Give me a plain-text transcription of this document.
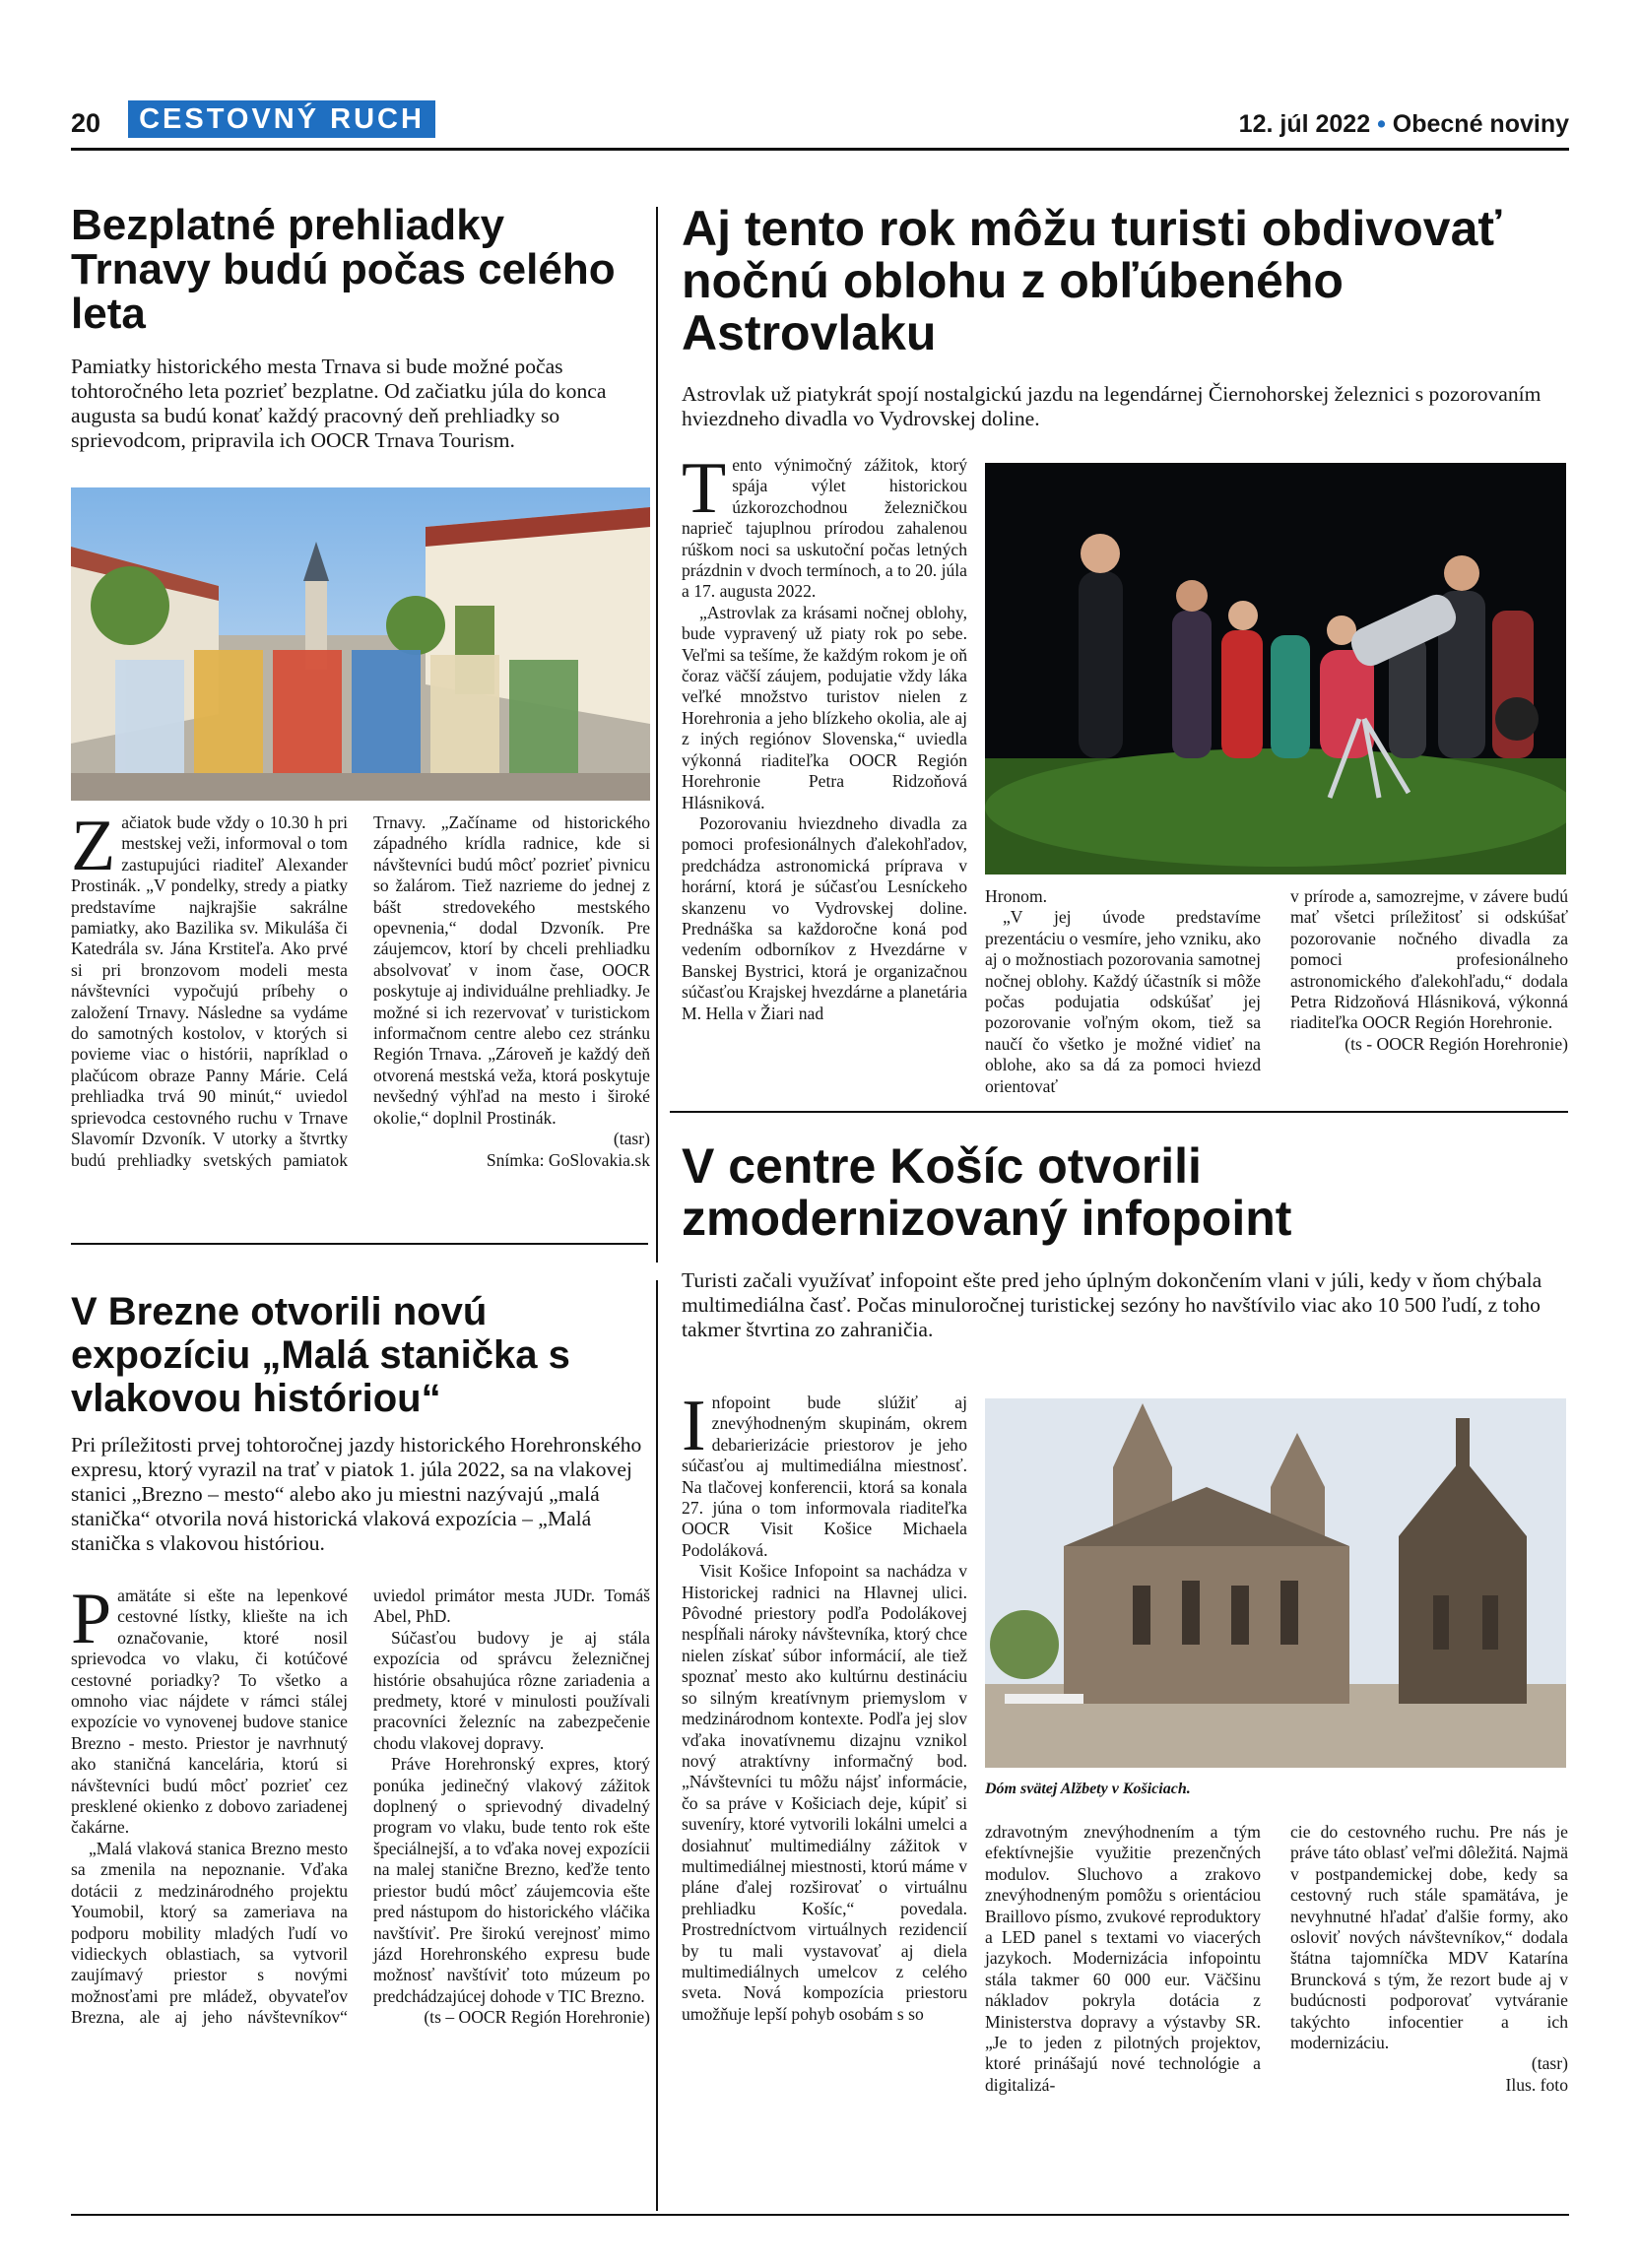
20	CESTOVNÝ RUCH	12. júl 2022 • Obecné noviny
Bezplatné prehliadky Trnavy budú počas celého leta

Pamiatky historického mesta Trnava si bude možné počas tohtoročného leta pozrieť bezplatne. Od začiatku júla do konca augusta sa budú konať každý pracovný deň prehliadky so sprievodcom, pripravila ich OOCR Trnava Tourism.

Z ačiatok bude vždy o 10.30 h pri mestskej veži, informoval o tom zastupujúci riaditeľ Alexander Prostinák. „V pondelky, stredy a piatky predstavíme najkrajšie sakrálne pamiatky, ako Bazilika sv. Mikuláša či Katedrála sv. Jána Krstiteľa. Ako prvé si pri bronzovom modeli mesta návštevníci vypočujú príbehy o založení Trnavy. Následne sa vydáme do samotných kostolov, v ktorých si povieme viac o histórii, napríklad o plačúcom obraze Panny Márie. Celá prehliadka trvá 90 minút,“ uviedol sprievodca cestovného ruchu v Trnave Slavomír Dzvoník. V utorky a štvrtky budú prehliadky svetských pamiatok Trnavy. „Začíname od historického západného krídla radnice, kde si návštevníci budú môcť pozrieť pivnicu so žalárom. Tiež nazrieme do jednej z bášt stredovekého mestského opevnenia,“ dodal Dzvoník. Pre záujemcov, ktorí by chceli prehliadku absolvovať v inom čase, OOCR poskytuje aj individuálne prehliadky. Je možné si ich rezervovať v turistickom informačnom centre alebo cez stránku Región Trnava. „Zároveň je každý deň otvorená mestská veža, ktorá poskytuje nevšedný výhľad na mesto i široké okolie,“ doplnil Prostinák.

(tasr)

Snímka: GoSlovakia.sk

V Brezne otvorili novú expozíciu „Malá stanička s vlakovou históriou“

Pri príležitosti prvej tohtoročnej jazdy historického Horehronského expresu, ktorý vyrazil na trať v piatok 1. júla 2022, sa na vlakovej stanici „Brezno – mesto“ alebo ako ju miestni nazývajú „malá stanička“ otvorila nová historická vlaková expozícia – „Malá stanička s vlakovou históriou.

P amätáte si ešte na lepenkové cestovné lístky, kliešte na ich označovanie, ktoré nosil sprievodca vo vlaku, či kotúčové cestovné poriadky? To všetko a omnoho viac nájdete v rámci stálej expozície vo vynovenej budove stanice Brezno - mesto. Priestor je navrhnutý ako staničná kancelária, ktorú si návštevníci budú môcť pozrieť cez presklené okienko z dobovo zariadenej čakárne.

„Malá vlaková stanica Brezno mesto sa zmenila na nepoznanie. Vďaka dotácii z medzinárodného projektu Youmobil, ktorý sa zameriava na podporu mobility mladých ľudí vo vidieckych oblastiach, sa vytvoril zaujímavý priestor s novými možnosťami pre mládež, obyvateľov Brezna, ale aj jeho návštevníkov“ uviedol primátor mesta JUDr. Tomáš Abel, PhD.

Súčasťou budovy je aj stála expozícia od správcu železničnej histórie obsahujúca rôzne zariadenia a predmety, ktoré v minulosti používali pracovníci železníc na zabezpečenie chodu vlakovej dopravy.

Práve Horehronský expres, ktorý ponúka jedinečný vlakový zážitok doplnený o sprievodný divadelný program vo vlaku, bude tento rok ešte špeciálnejší, a to vďaka novej expozícii na malej stanične Brezno, keďže tento priestor budú môcť záujemcovia ešte pred nástupom do historického vláčika navštíviť. Pre širokú verejnosť mimo jázd Horehronského expresu bude možnosť navštíviť toto múzeum po predchádzajúcej dohode v TIC Brezno.

(ts – OOCR Región Horehronie)

Aj tento rok môžu turisti obdivovať nočnú oblohu z obľúbeného Astrovlaku

Astrovlak už piatykrát spojí nostalgickú jazdu na legendárnej Čiernohorskej železnici s pozorovaním hviezdneho divadla vo Vydrovskej doline.

T ento výnimočný zážitok, ktorý spája výlet historickou úzkorozchodnou železničkou naprieč tajuplnou prírodou zahalenou rúškom noci sa uskutoční počas letných prázdnin v dvoch termínoch, a to 20. júla a 17. augusta 2022.

„Astrovlak za krásami nočnej oblohy, bude vypravený už piaty rok po sebe. Veľmi sa tešíme, že každým rokom je oň čoraz väčší záujem, podujatie vždy láka veľké množstvo turistov nielen z Horehronia a jeho blízkeho okolia, ale aj z iných regiónov Slovenska,“ uviedla výkonná riaditeľka OOCR Región Horehronie Petra Ridzoňová Hlásniková.

Pozorovaniu hviezdneho divadla za pomoci profesionálnych ďalekohľadov, predchádza astronomická príprava v horární, ktorá je súčasťou Lesníckeho skanzenu vo Vydrovskej doline. Prednáška sa každoročne koná pod vedením odborníkov z Hvezdárne v Banskej Bystrici, ktorá je organizačnou súčasťou Krajskej hvezdárne a planetária M. Hella v Žiari nad

Hronom.

„V jej úvode predstavíme prezentáciu o vesmíre, jeho vzniku, ako aj o možnostiach pozorovania samotnej nočnej oblohy. Každý účastník si môže počas podujatia odskúšať jej pozorovanie voľným okom, tiež sa naučí čo všetko je možné vidieť na oblohe, ako sa dá za pomoci hviezd orientovať

v prírode a, samozrejme, v závere budú mať všetci príležitosť si odskúšať pozorovanie nočného divadla za pomoci profesionálneho astronomického ďalekohľadu,“ dodala Petra Ridzoňová Hlásniková, výkonná riaditeľka OOCR Región Horehronie.

(ts - OOCR Región Horehronie)

V centre Košíc otvorili zmodernizovaný infopoint

Turisti začali využívať infopoint ešte pred jeho úplným dokončením vlani v júli, kedy v ňom chýbala multimediálna časť. Počas minuloročnej turistickej sezóny ho navštívilo viac ako 10 500 ľudí, z toho takmer štvrtina zo zahraničia.

I nfopoint bude slúžiť aj znevýhodneným skupinám, okrem debarierizácie priestorov je jeho súčasťou aj multimediálna miestnosť. Na tlačovej konferencii, ktorá sa konala 27. júna o tom informovala riaditeľka OOCR Visit Košice Michaela Podoláková.

Visit Košice Infopoint sa nachádza v Historickej radnici na Hlavnej ulici. Pôvodné priestory podľa Podolákovej nespĺňali nároky návštevníka, ktorý chce nielen získať súbor informácií, ale tiež spoznať mesto ako kultúrnu destináciu so silným kreatívnym priemyslom v medzinárodnom kontexte. Podľa jej slov vďaka inovatívnemu dizajnu vznikol nový atraktívny informačný bod. „Návštevníci tu môžu nájsť informácie, čo sa práve v Košiciach deje, kúpiť si suveníry, ktoré vytvorili lokálni umelci a dosiahnuť multimediálny zážitok v multimediálnej miestnosti, ktorú máme v pláne ďalej rozširovať o virtuálnu prehliadku Košíc,“ povedala. Prostredníctvom virtuálnych rezidencií by tu mali vystavovať aj diela multimediálnych umelcov z celého sveta. Nová kompozícia priestoru umožňuje lepší pohyb osobám s so

Dóm svätej Alžbety v Košiciach.

zdravotným znevýhodnením a tým efektívnejšie využitie prezenčných modulov. Sluchovo a zrakovo znevýhodneným pomôžu s orientáciou Braillovo písmo, zvukové reproduktory a LED panel s textami vo viacerých jazykoch. Modernizácia infopointu stála takmer 60 000 eur. Väčšinu nákladov pokryla dotácia z Ministerstva dopravy a výstavby SR. „Je to jeden z pilotných projektov, ktoré prinášajú nové technológie a digitalizá-

cie do cestovného ruchu. Pre nás je práve táto oblasť veľmi dôležitá. Najmä v postpandemickej dobe, kedy sa cestovný ruch stále spamätáva, je nevyhnutné hľadať ďalšie formy, ako osloviť nových návštevníkov,“ dodala štátna tajomníčka MDV Katarína Bruncková s tým, že rezort bude aj v budúcnosti podporovať vytváranie takýchto infocentier a ich modernizáciu.

(tasr)

Ilus. foto
